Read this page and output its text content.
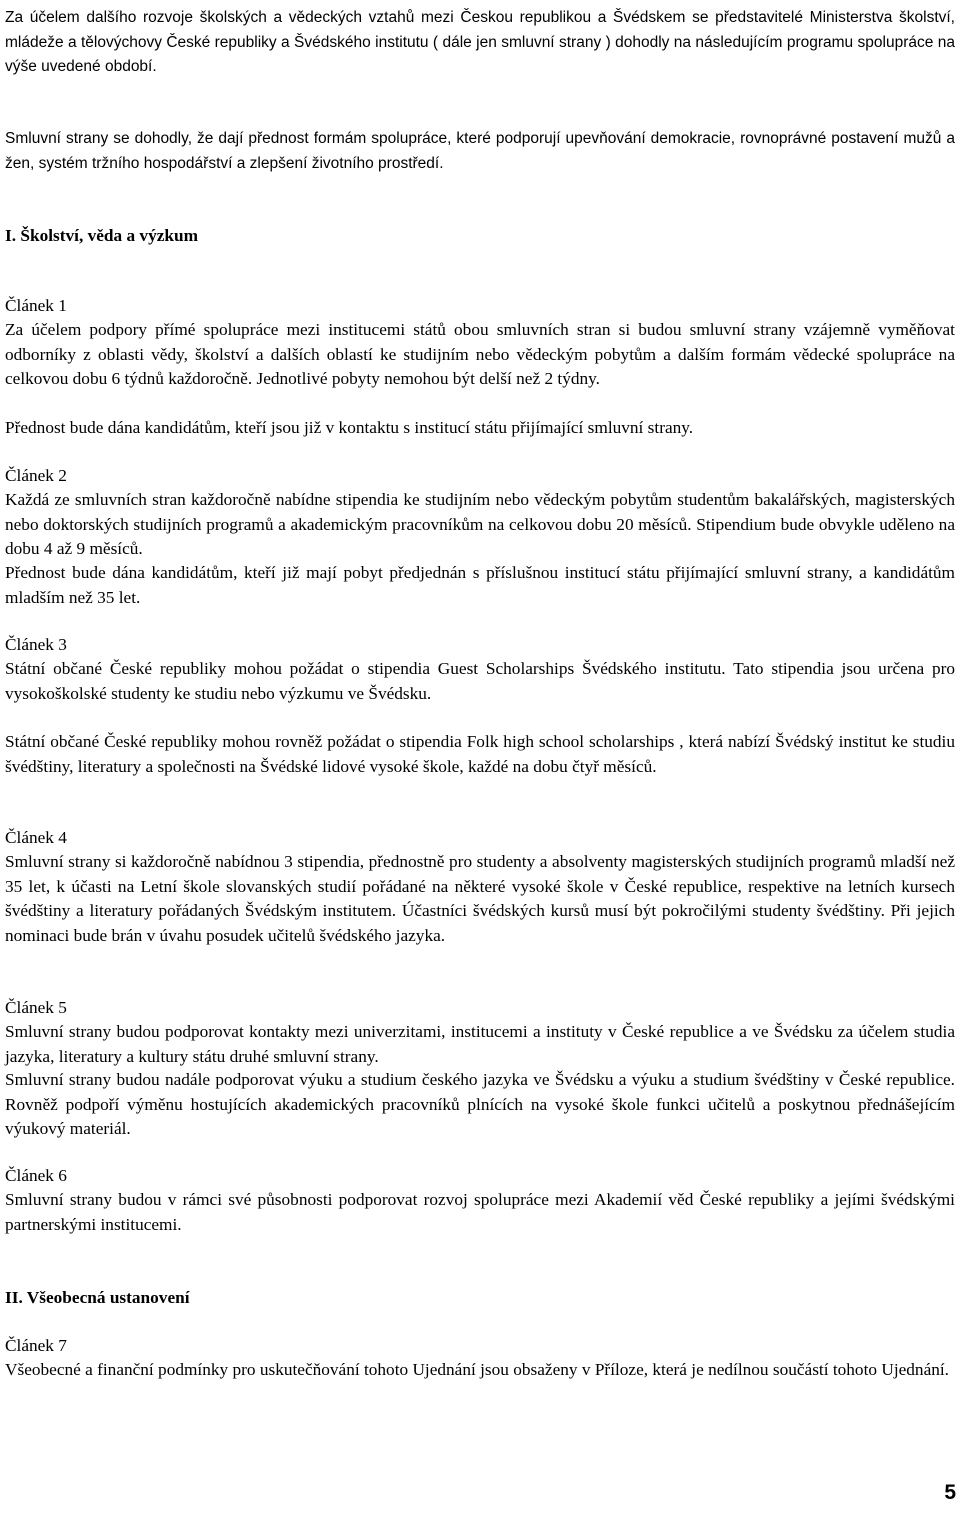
Za účelem dalšího rozvoje školských a vědeckých vztahů mezi Českou republikou a Švédskem se představitelé Ministerstva školství, mládeže a tělovýchovy České republiky a Švédského institutu ( dále jen smluvní strany ) dohodly na následujícím programu spolupráce na výše uvedené období.
Smluvní strany se dohodly, že dají přednost formám spolupráce, které podporují upevňování demokracie, rovnoprávné postavení mužů a žen, systém tržního hospodářství a zlepšení životního prostředí.
I. Školství, věda a výzkum
Článek 1
Za účelem podpory přímé spolupráce mezi institucemi států obou smluvních stran si budou smluvní strany vzájemně vyměňovat odborníky z oblasti vědy, školství a dalších oblastí ke studijním nebo vědeckým pobytům a dalším formám vědecké spolupráce na celkovou dobu 6 týdnů každoročně. Jednotlivé pobyty nemohou být delší než 2 týdny.
Přednost bude dána kandidátům, kteří jsou již v kontaktu s institucí státu přijímající smluvní strany.
Článek 2
Každá ze smluvních stran každoročně nabídne stipendia ke studijním nebo vědeckým pobytům studentům bakalářských, magisterských nebo doktorských studijních programů a akademickým pracovníkům na celkovou dobu 20 měsíců. Stipendium bude obvykle uděleno na dobu 4 až 9 měsíců.
Přednost bude dána kandidátům, kteří již mají pobyt předjednán s příslušnou institucí státu přijímající smluvní strany, a kandidátům mladším než 35 let.
Článek 3
Státní občané České republiky mohou požádat o stipendia Guest Scholarships Švédského institutu. Tato stipendia jsou určena pro vysokoškolské studenty ke studiu nebo výzkumu ve Švédsku.
Státní občané České republiky mohou rovněž požádat o stipendia Folk high school scholarships , která nabízí Švédský institut ke studiu švédštiny, literatury a společnosti na Švédské lidové vysoké škole, každé na dobu čtyř měsíců.
Článek 4
Smluvní strany si každoročně nabídnou 3 stipendia, přednostně pro studenty a absolventy magisterských studijních programů mladší než 35 let, k účasti na Letní škole slovanských studií pořádané na některé vysoké škole v České republice, respektive na letních kursech švédštiny a literatury pořádaných Švédským institutem. Účastníci švédských kursů musí být pokročilými studenty švédštiny. Při jejich nominaci bude brán v úvahu posudek učitelů švédského jazyka.
Článek 5
Smluvní strany budou podporovat kontakty mezi univerzitami, institucemi a instituty v České republice a ve Švédsku za účelem studia jazyka, literatury a kultury státu druhé smluvní strany.
Smluvní strany budou nadále podporovat výuku a studium českého jazyka ve Švédsku a výuku a studium švédštiny v České republice. Rovněž podpoří výměnu hostujících akademických pracovníků plnících na vysoké škole funkci učitelů a poskytnou přednášejícím výukový materiál.
Článek 6
Smluvní strany budou v rámci své působnosti podporovat rozvoj spolupráce mezi Akademií věd České republiky a jejími švédskými partnerskými institucemi.
II. Všeobecná ustanovení
Článek 7
Všeobecné a finanční podmínky pro uskutečňování tohoto Ujednání jsou obsaženy v Příloze, která je nedílnou součástí tohoto Ujednání.
5
